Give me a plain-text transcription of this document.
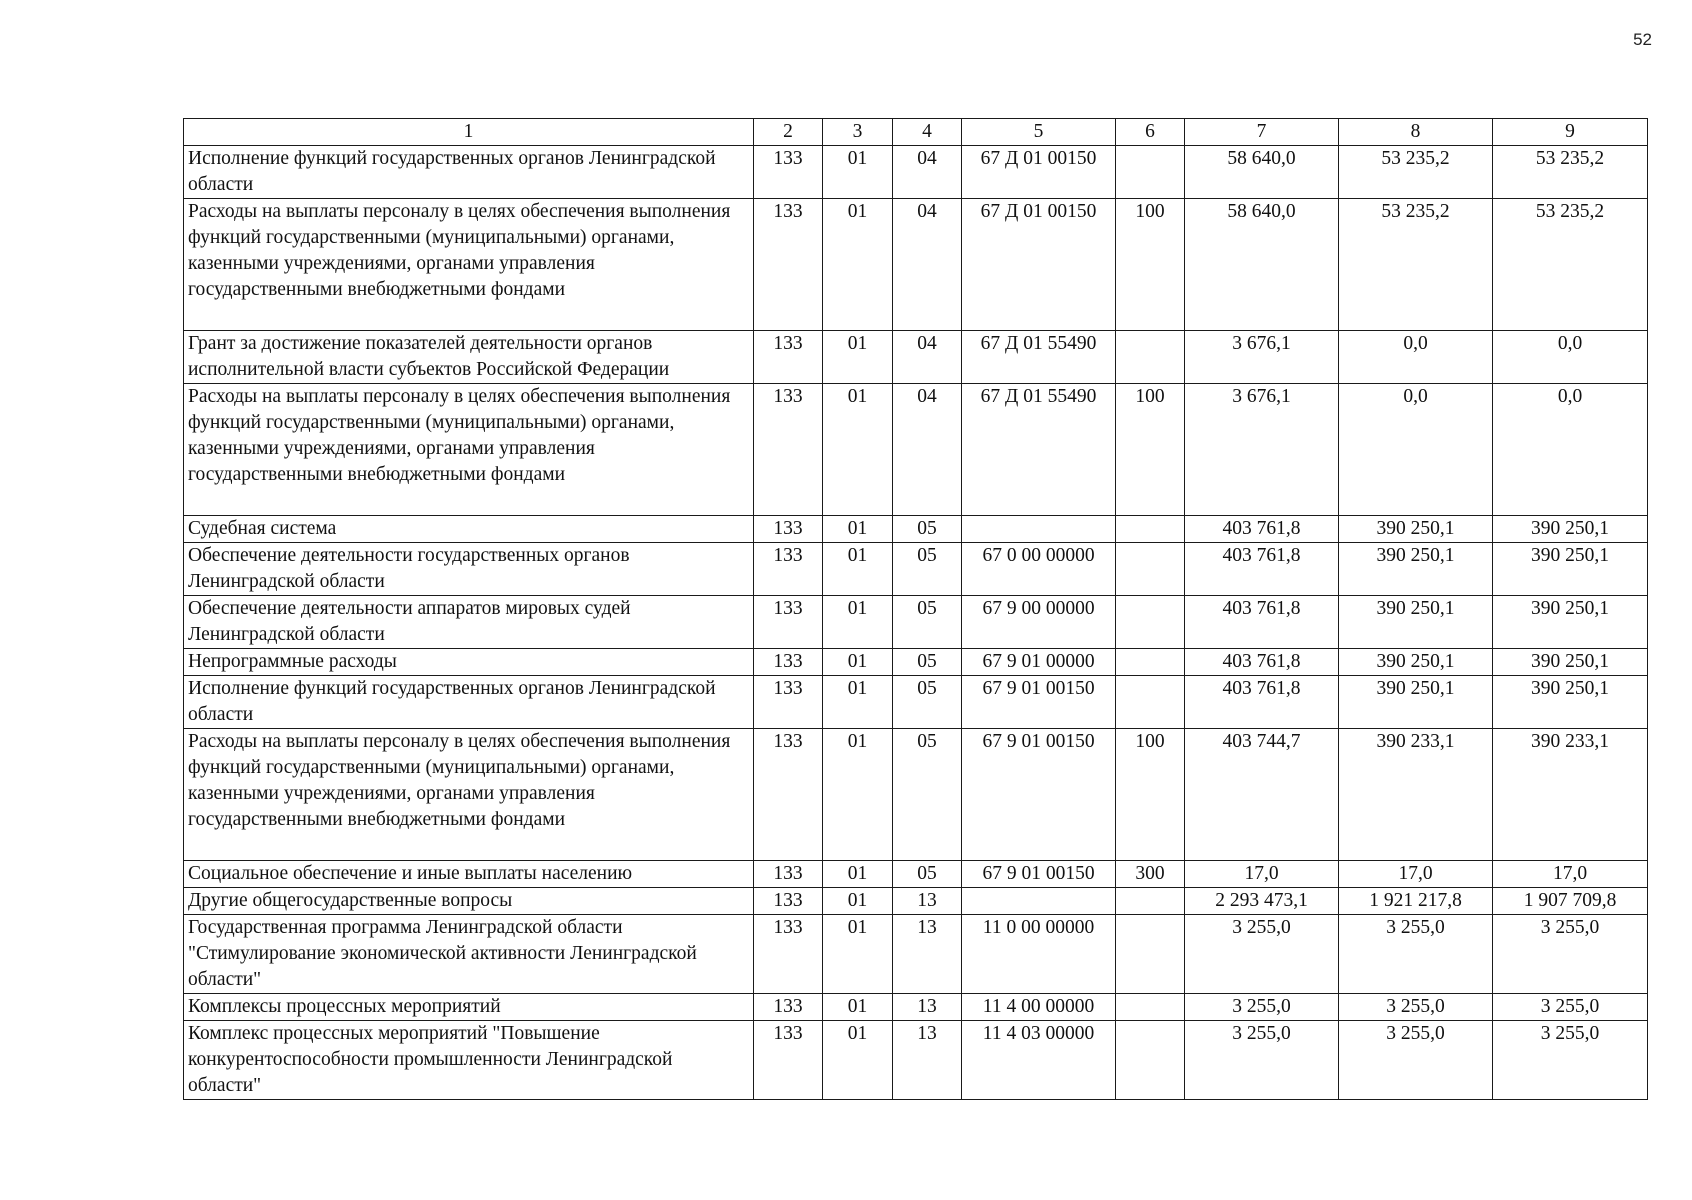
52
1	2	3	4	5	6	7	8	9
Исполнение функций государственных органов Ленинградской области	133	01	04	67 Д 01 00150		58 640,0	53 235,2	53 235,2
Расходы на выплаты персоналу в целях обеспечения выполнения функций государственными (муниципальными) органами, казенными учреждениями, органами управления государственными внебюджетными фондами	133	01	04	67 Д 01 00150	100	58 640,0	53 235,2	53 235,2
Грант за достижение показателей деятельности органов исполнительной власти субъектов Российской Федерации	133	01	04	67 Д 01 55490		3 676,1	0,0	0,0
Расходы на выплаты персоналу в целях обеспечения выполнения функций государственными (муниципальными) органами, казенными учреждениями, органами управления государственными внебюджетными фондами	133	01	04	67 Д 01 55490	100	3 676,1	0,0	0,0
Судебная система	133	01	05			403 761,8	390 250,1	390 250,1
Обеспечение деятельности государственных органов Ленинградской области	133	01	05	67 0 00 00000		403 761,8	390 250,1	390 250,1
Обеспечение деятельности аппаратов мировых судей Ленинградской области	133	01	05	67 9 00 00000		403 761,8	390 250,1	390 250,1
Непрограммные расходы	133	01	05	67 9 01 00000		403 761,8	390 250,1	390 250,1
Исполнение функций государственных органов Ленинградской области	133	01	05	67 9 01 00150		403 761,8	390 250,1	390 250,1
Расходы на выплаты персоналу в целях обеспечения выполнения функций государственными (муниципальными) органами, казенными учреждениями, органами управления государственными внебюджетными фондами	133	01	05	67 9 01 00150	100	403 744,7	390 233,1	390 233,1
Социальное обеспечение и иные выплаты населению	133	01	05	67 9 01 00150	300	17,0	17,0	17,0
Другие общегосударственные вопросы	133	01	13			2 293 473,1	1 921 217,8	1 907 709,8
Государственная программа Ленинградской области "Стимулирование экономической активности Ленинградской области"	133	01	13	11 0 00 00000		3 255,0	3 255,0	3 255,0
Комплексы процессных мероприятий	133	01	13	11 4 00 00000		3 255,0	3 255,0	3 255,0
Комплекс процессных мероприятий "Повышение конкурентоспособности промышленности Ленинградской области"	133	01	13	11 4 03 00000		3 255,0	3 255,0	3 255,0
